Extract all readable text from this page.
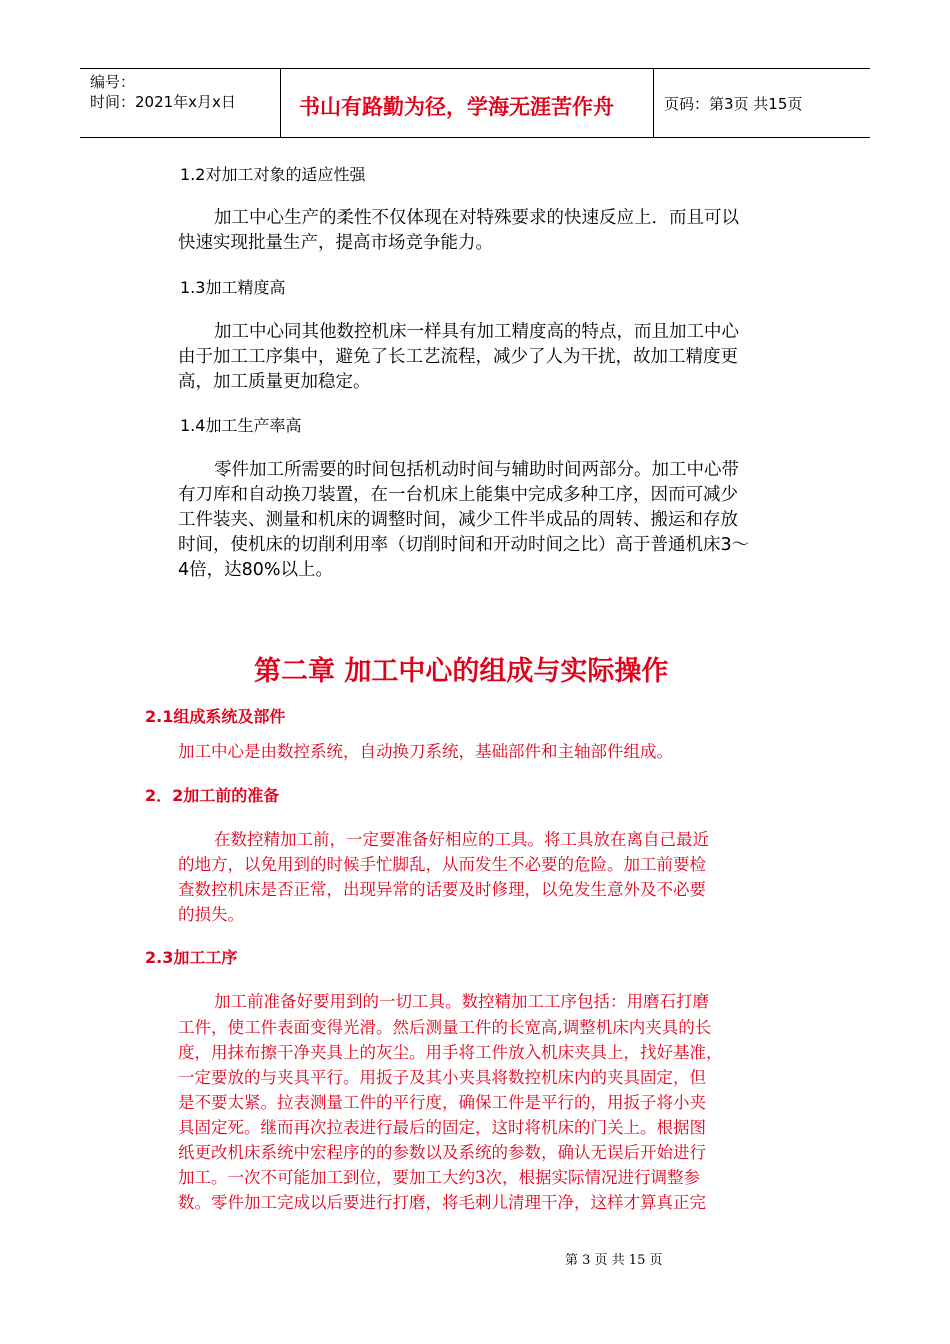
编号：
时间：2021年x月x日	书山有路勤为径，学海无涯苦作舟	页码：第3页 共15页
1.2对加工对象的适应性强
加工中心生产的柔性不仅体现在对特殊要求的快速反应上．而且可以
快速实现批量生产，提高市场竞争能力。
1.3加工精度高
加工中心同其他数控机床一样具有加工精度高的特点，而且加工中心
由于加工工序集中，避免了长工艺流程，减少了人为干扰，故加工精度更
高，加工质量更加稳定。
1.4加工生产率高
零件加工所需要的时间包括机动时间与辅助时间两部分。加工中心带
有刀库和自动换刀装置，在一台机床上能集中完成多种工序，因而可减少
工件装夹、测量和机床的调整时间，减少工件半成品的周转、搬运和存放
时间，使机床的切削利用率（切削时间和开动时间之比）高于普通机床3～
4倍，达80%以上。
第二章 加工中心的组成与实际操作
2.1组成系统及部件
加工中心是由数控系统，自动换刀系统，基础部件和主轴部件组成。
2．2加工前的准备
在数控精加工前，一定要准备好相应的工具。将工具放在离自己最近
的地方，以免用到的时候手忙脚乱，从而发生不必要的危险。加工前要检
查数控机床是否正常，出现异常的话要及时修理，以免发生意外及不必要
的损失。
2.3加工工序
加工前准备好要用到的一切工具。数控精加工工序包括：用磨石打磨
工件，使工件表面变得光滑。然后测量工件的长宽高,调整机床内夹具的长
度，用抹布擦干净夹具上的灰尘。用手将工件放入机床夹具上，找好基准，
一定要放的与夹具平行。用扳子及其小夹具将数控机床内的夹具固定，但
是不要太紧。拉表测量工件的平行度，确保工件是平行的，用扳子将小夹
具固定死。继而再次拉表进行最后的固定，这时将机床的门关上。根据图
纸更改机床系统中宏程序的的参数以及系统的参数，确认无误后开始进行
加工。一次不可能加工到位，要加工大约3次，根据实际情况进行调整参
数。零件加工完成以后要进行打磨，将毛刺儿清理干净，这样才算真正完
第 3 页 共 15 页
